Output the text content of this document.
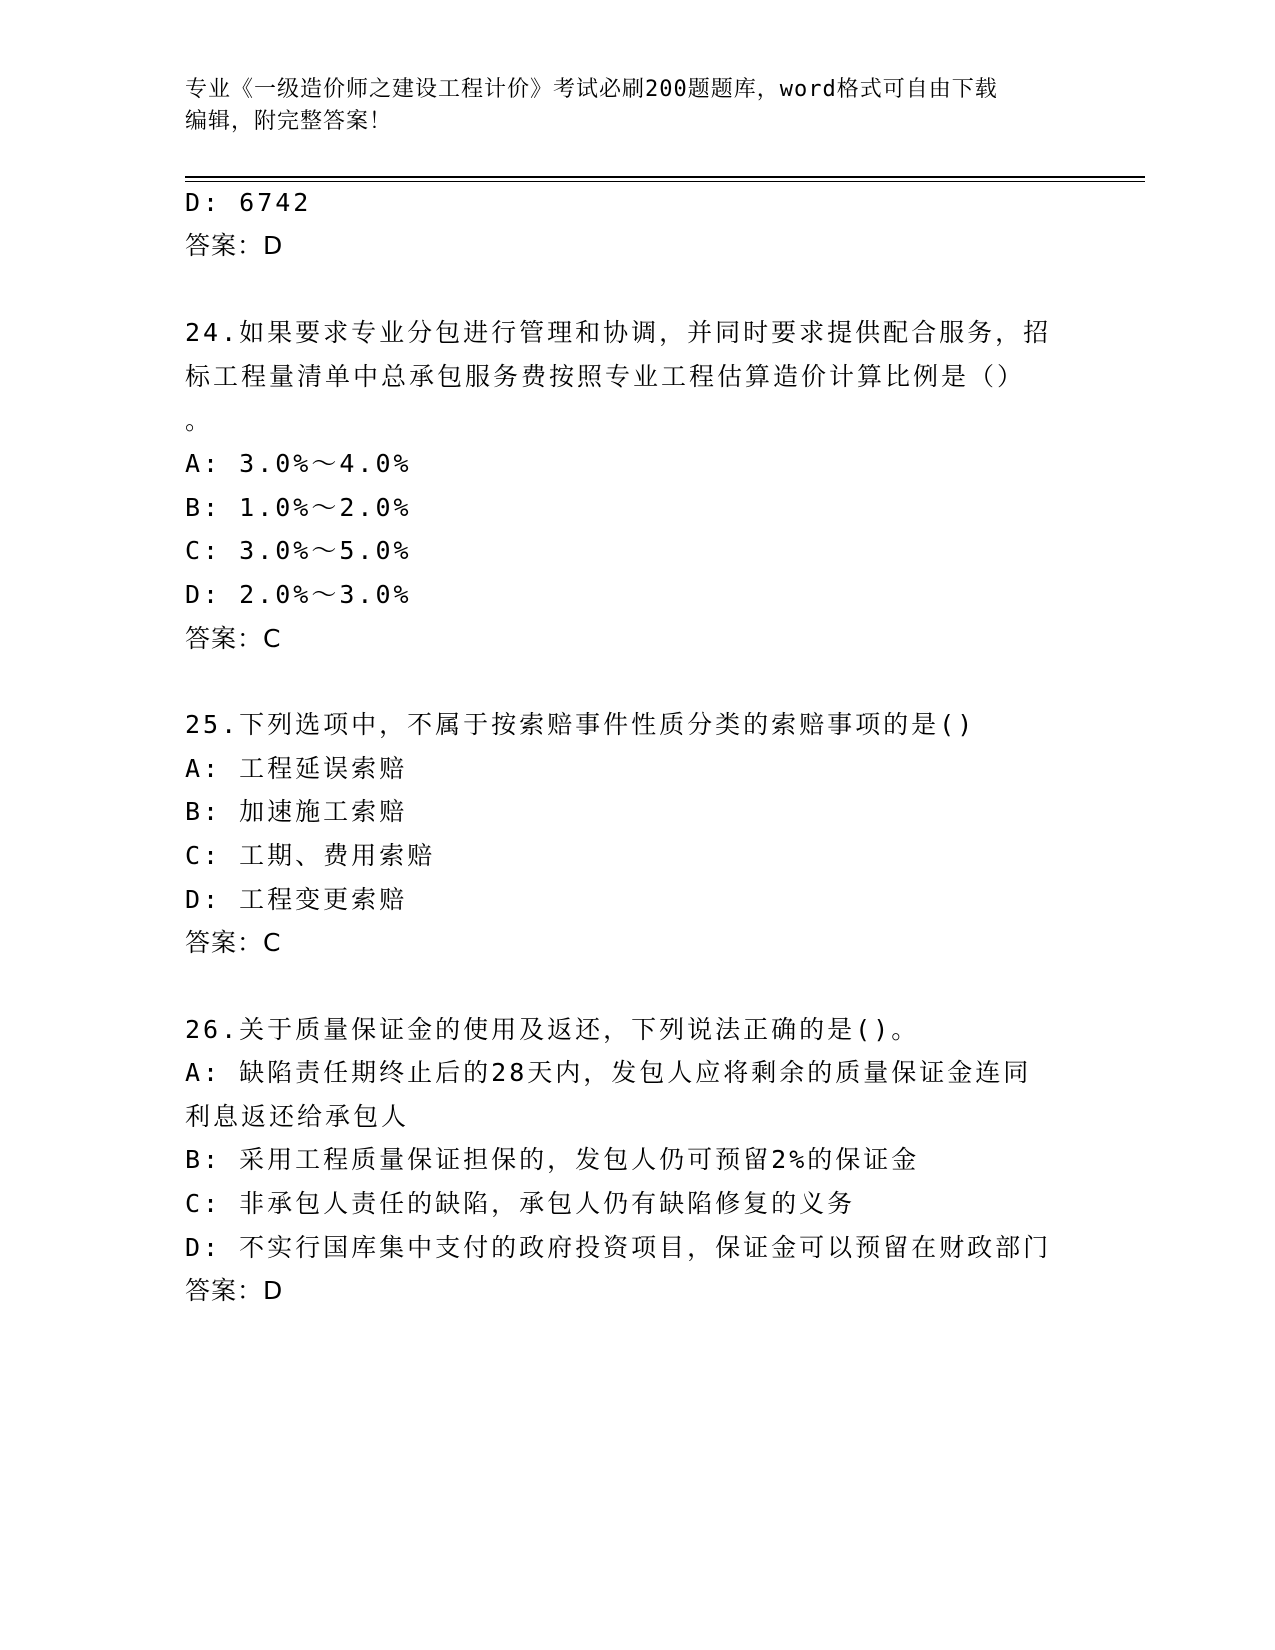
专业《一级造价师之建设工程计价》考试必刷200题题库，word格式可自由下载
编辑，附完整答案！
D: 6742
答案：D
24.如果要求专业分包进行管理和协调，并同时要求提供配合服务，招
标工程量清单中总承包服务费按照专业工程估算造价计算比例是（）
。
A: 3.0%～4.0%
B: 1.0%～2.0%
C: 3.0%～5.0%
D: 2.0%～3.0%
答案：C
25.下列选项中，不属于按索赔事件性质分类的索赔事项的是()
A: 工程延误索赔
B: 加速施工索赔
C: 工期、费用索赔
D: 工程变更索赔
答案：C
26.关于质量保证金的使用及返还，下列说法正确的是()。
A: 缺陷责任期终止后的28天内，发包人应将剩余的质量保证金连同
利息返还给承包人
B: 采用工程质量保证担保的，发包人仍可预留2%的保证金
C: 非承包人责任的缺陷，承包人仍有缺陷修复的义务
D: 不实行国库集中支付的政府投资项目，保证金可以预留在财政部门
答案：D
